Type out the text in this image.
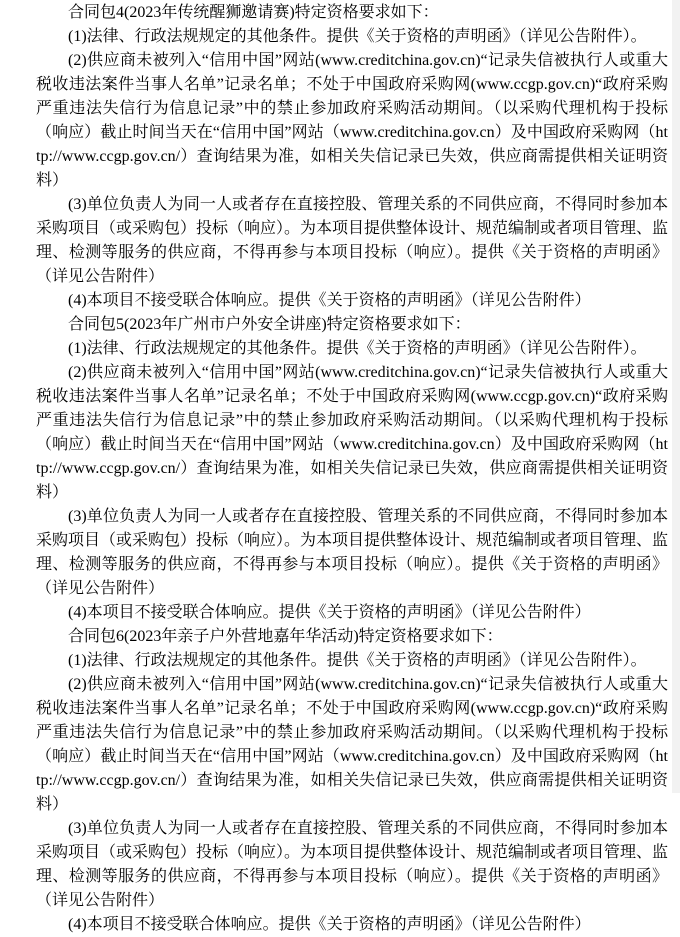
合同包4(2023年传统醒狮邀请赛)特定资格要求如下：

(1)法律、行政法规规定的其他条件。提供《关于资格的声明函》（详见公告附件）。

(2)供应商未被列入“信用中国”网站(www.creditchina.gov.cn)“记录失信被执行人或重大税收违法案件当事人名单”记录名单；不处于中国政府采购网(www.ccgp.gov.cn)“政府采购严重违法失信行为信息记录”中的禁止参加政府采购活动期间。（以采购代理机构于投标（响应）截止时间当天在“信用中国”网站（www.creditchina.gov.cn）及中国政府采购网（http://www.ccgp.gov.cn/）查询结果为准，如相关失信记录已失效，供应商需提供相关证明资料）

(3)单位负责人为同一人或者存在直接控股、管理关系的不同供应商，不得同时参加本采购项目（或采购包）投标（响应）。为本项目提供整体设计、规范编制或者项目管理、监理、检测等服务的供应商，不得再参与本项目投标（响应）。提供《关于资格的声明函》（详见公告附件）

(4)本项目不接受联合体响应。提供《关于资格的声明函》（详见公告附件）

合同包5(2023年广州市户外安全讲座)特定资格要求如下：

(1)法律、行政法规规定的其他条件。提供《关于资格的声明函》（详见公告附件）。

(2)供应商未被列入“信用中国”网站(www.creditchina.gov.cn)“记录失信被执行人或重大税收违法案件当事人名单”记录名单；不处于中国政府采购网(www.ccgp.gov.cn)“政府采购严重违法失信行为信息记录”中的禁止参加政府采购活动期间。（以采购代理机构于投标（响应）截止时间当天在“信用中国”网站（www.creditchina.gov.cn）及中国政府采购网（http://www.ccgp.gov.cn/）查询结果为准，如相关失信记录已失效，供应商需提供相关证明资料）

(3)单位负责人为同一人或者存在直接控股、管理关系的不同供应商，不得同时参加本采购项目（或采购包）投标（响应）。为本项目提供整体设计、规范编制或者项目管理、监理、检测等服务的供应商，不得再参与本项目投标（响应）。提供《关于资格的声明函》（详见公告附件）

(4)本项目不接受联合体响应。提供《关于资格的声明函》（详见公告附件）

合同包6(2023年亲子户外营地嘉年华活动)特定资格要求如下：

(1)法律、行政法规规定的其他条件。提供《关于资格的声明函》（详见公告附件）。

(2)供应商未被列入“信用中国”网站(www.creditchina.gov.cn)“记录失信被执行人或重大税收违法案件当事人名单”记录名单；不处于中国政府采购网(www.ccgp.gov.cn)“政府采购严重违法失信行为信息记录”中的禁止参加政府采购活动期间。（以采购代理机构于投标（响应）截止时间当天在“信用中国”网站（www.creditchina.gov.cn）及中国政府采购网（http://www.ccgp.gov.cn/）查询结果为准，如相关失信记录已失效，供应商需提供相关证明资料）

(3)单位负责人为同一人或者存在直接控股、管理关系的不同供应商，不得同时参加本采购项目（或采购包）投标（响应）。为本项目提供整体设计、规范编制或者项目管理、监理、检测等服务的供应商，不得再参与本项目投标（响应）。提供《关于资格的声明函》（详见公告附件）

(4)本项目不接受联合体响应。提供《关于资格的声明函》（详见公告附件）
